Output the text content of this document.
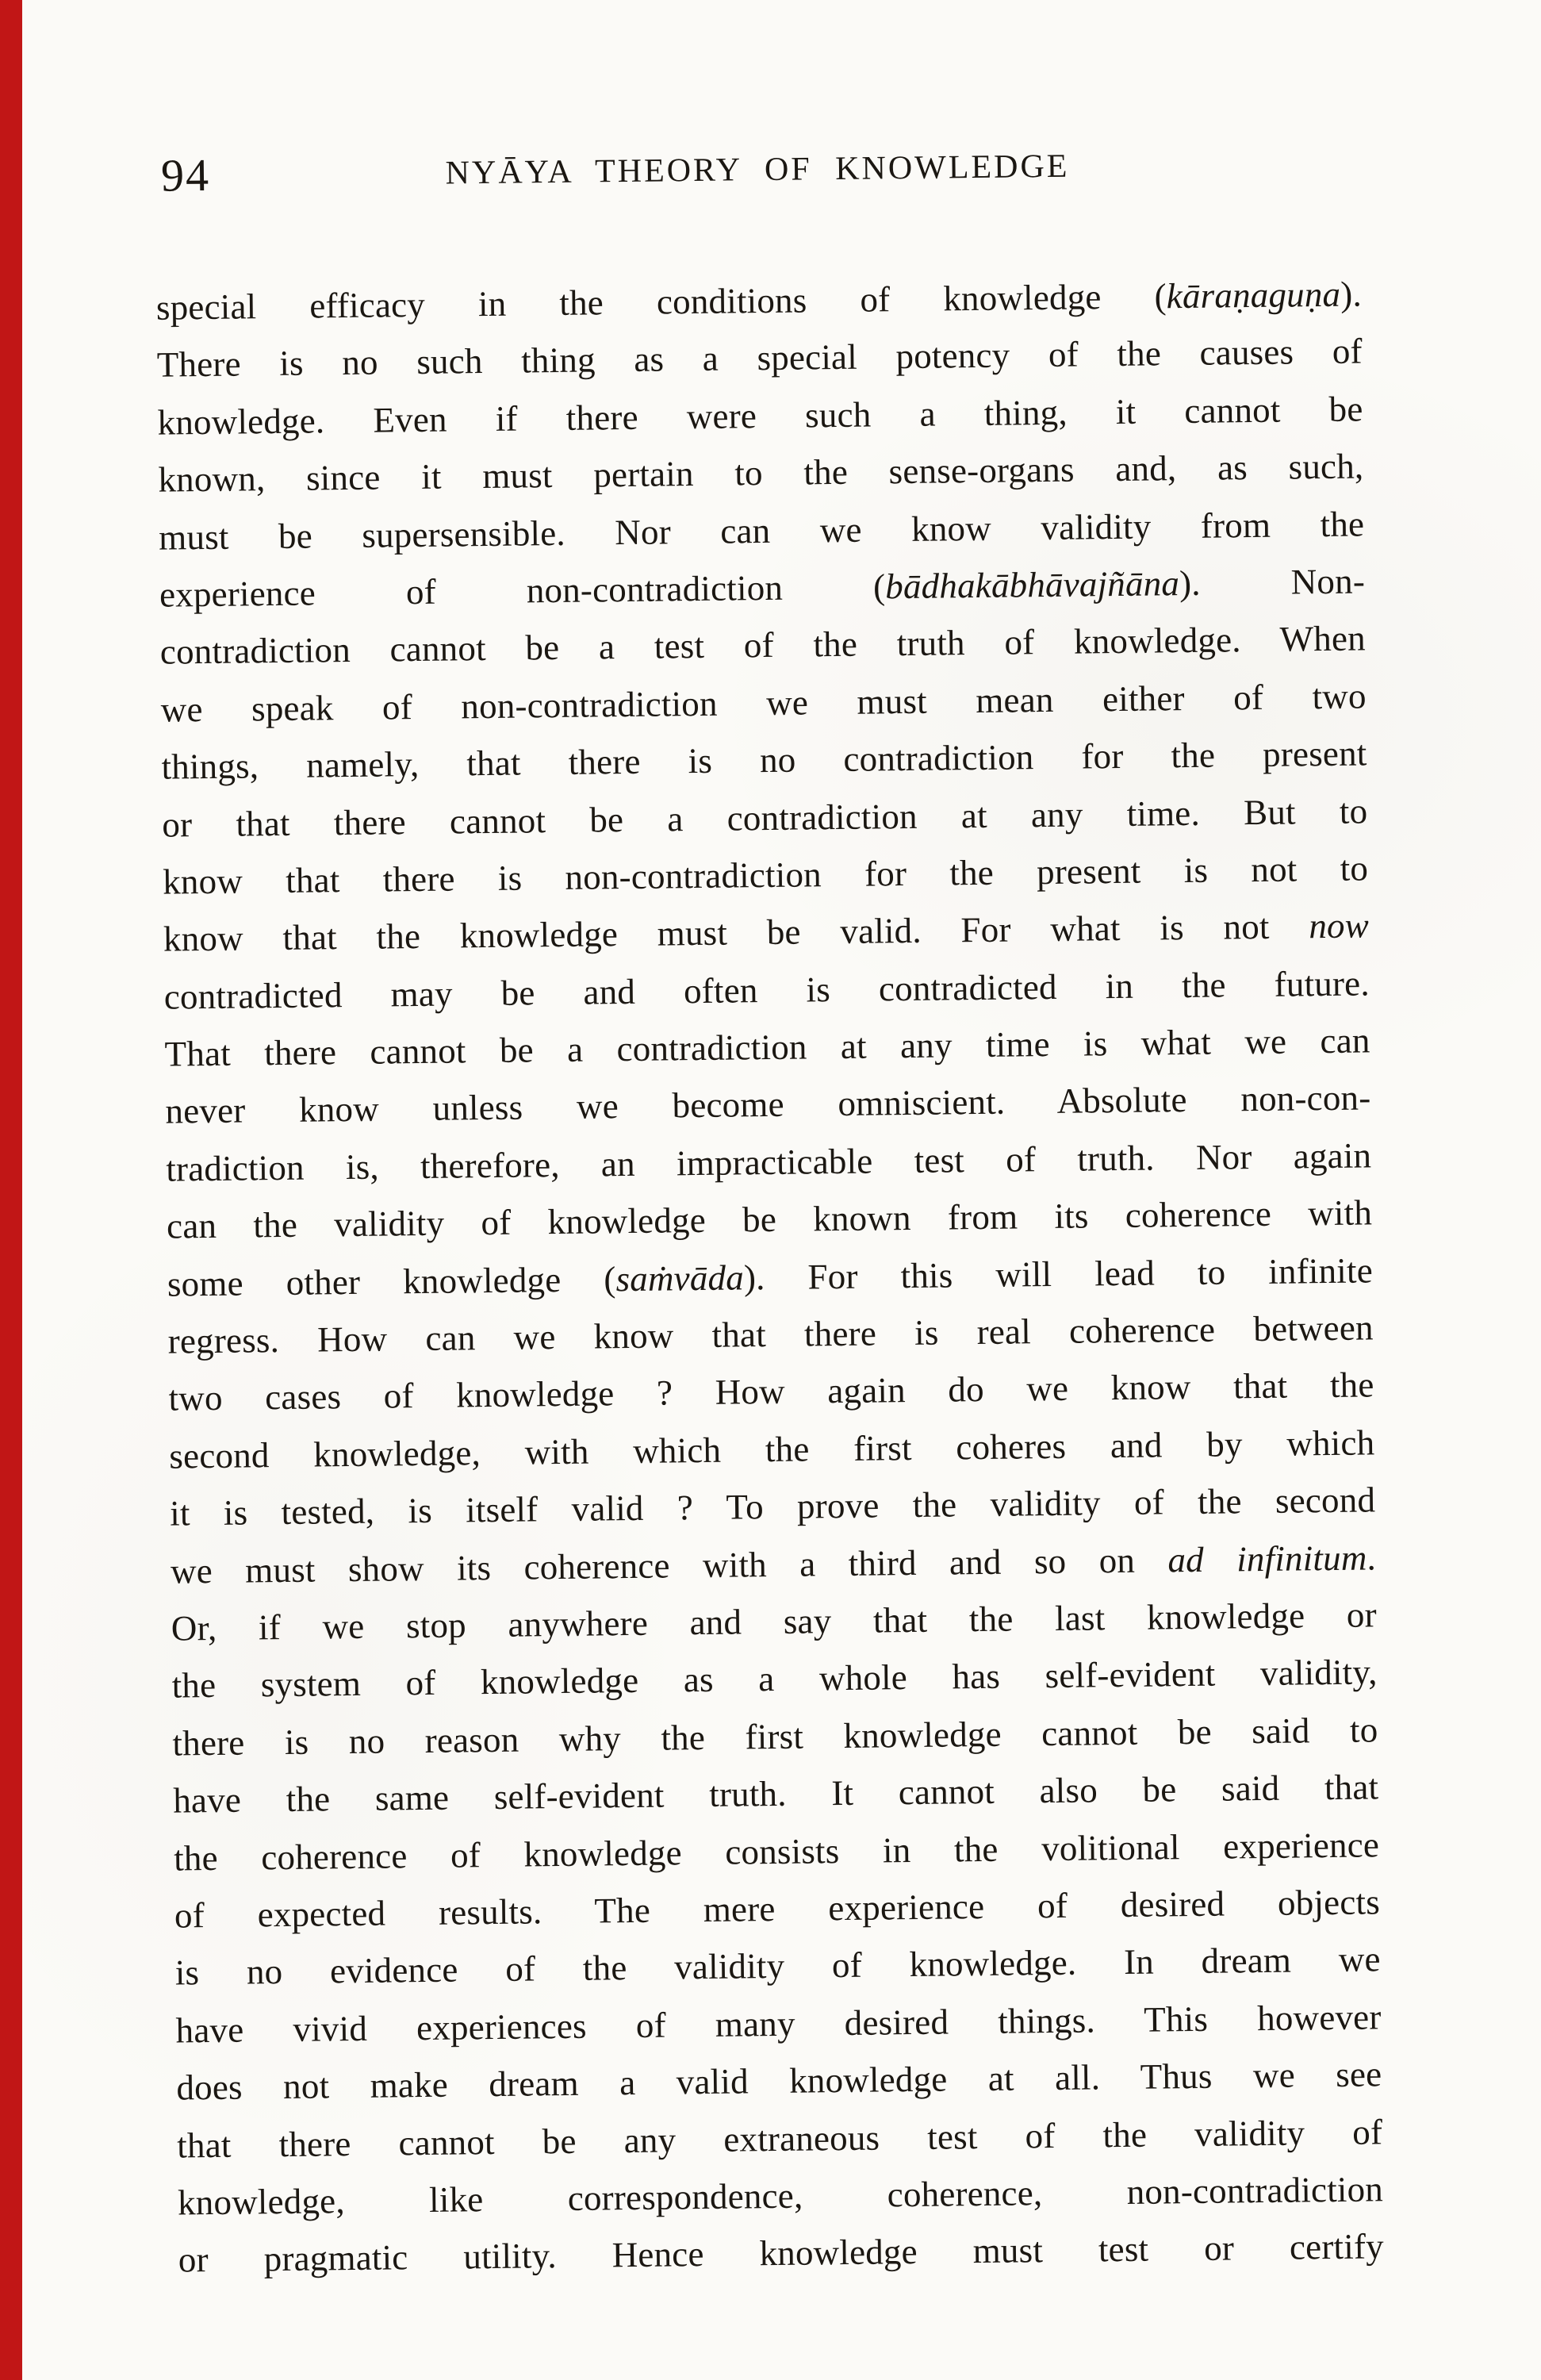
94	NYĀYA THEORY OF KNOWLEDGE
special efficacy in the conditions of knowledge (kāraṇaguṇa).
There is no such thing as a special potency of the causes of
knowledge. Even if there were such a thing, it cannot be
known, since it must pertain to the sense-organs and, as such,
must be supersensible. Nor can we know validity from the
experience of non-contradiction (bādhakābhāvajñāna). Non-
contradiction cannot be a test of the truth of knowledge. When
we speak of non-contradiction we must mean either of two
things, namely, that there is no contradiction for the present
or that there cannot be a contradiction at any time. But to
know that there is non-contradiction for the present is not to
know that the knowledge must be valid. For what is not now
contradicted may be and often is contradicted in the future.
That there cannot be a contradiction at any time is what we can
never know unless we become omniscient. Absolute non-con-
tradiction is, therefore, an impracticable test of truth. Nor again
can the validity of knowledge be known from its coherence with
some other knowledge (saṁvāda). For this will lead to infinite
regress. How can we know that there is real coherence between
two cases of knowledge ? How again do we know that the
second knowledge, with which the first coheres and by which
it is tested, is itself valid ? To prove the validity of the second
we must show its coherence with a third and so on ad infinitum.
Or, if we stop anywhere and say that the last knowledge or
the system of knowledge as a whole has self-evident validity,
there is no reason why the first knowledge cannot be said to
have the same self-evident truth. It cannot also be said that
the coherence of knowledge consists in the volitional experience
of expected results. The mere experience of desired objects
is no evidence of the validity of knowledge. In dream we
have vivid experiences of many desired things. This however
does not make dream a valid knowledge at all. Thus we see
that there cannot be any extraneous test of the validity of
knowledge, like correspondence, coherence, non-contradiction
or pragmatic utility. Hence knowledge must test or certify
